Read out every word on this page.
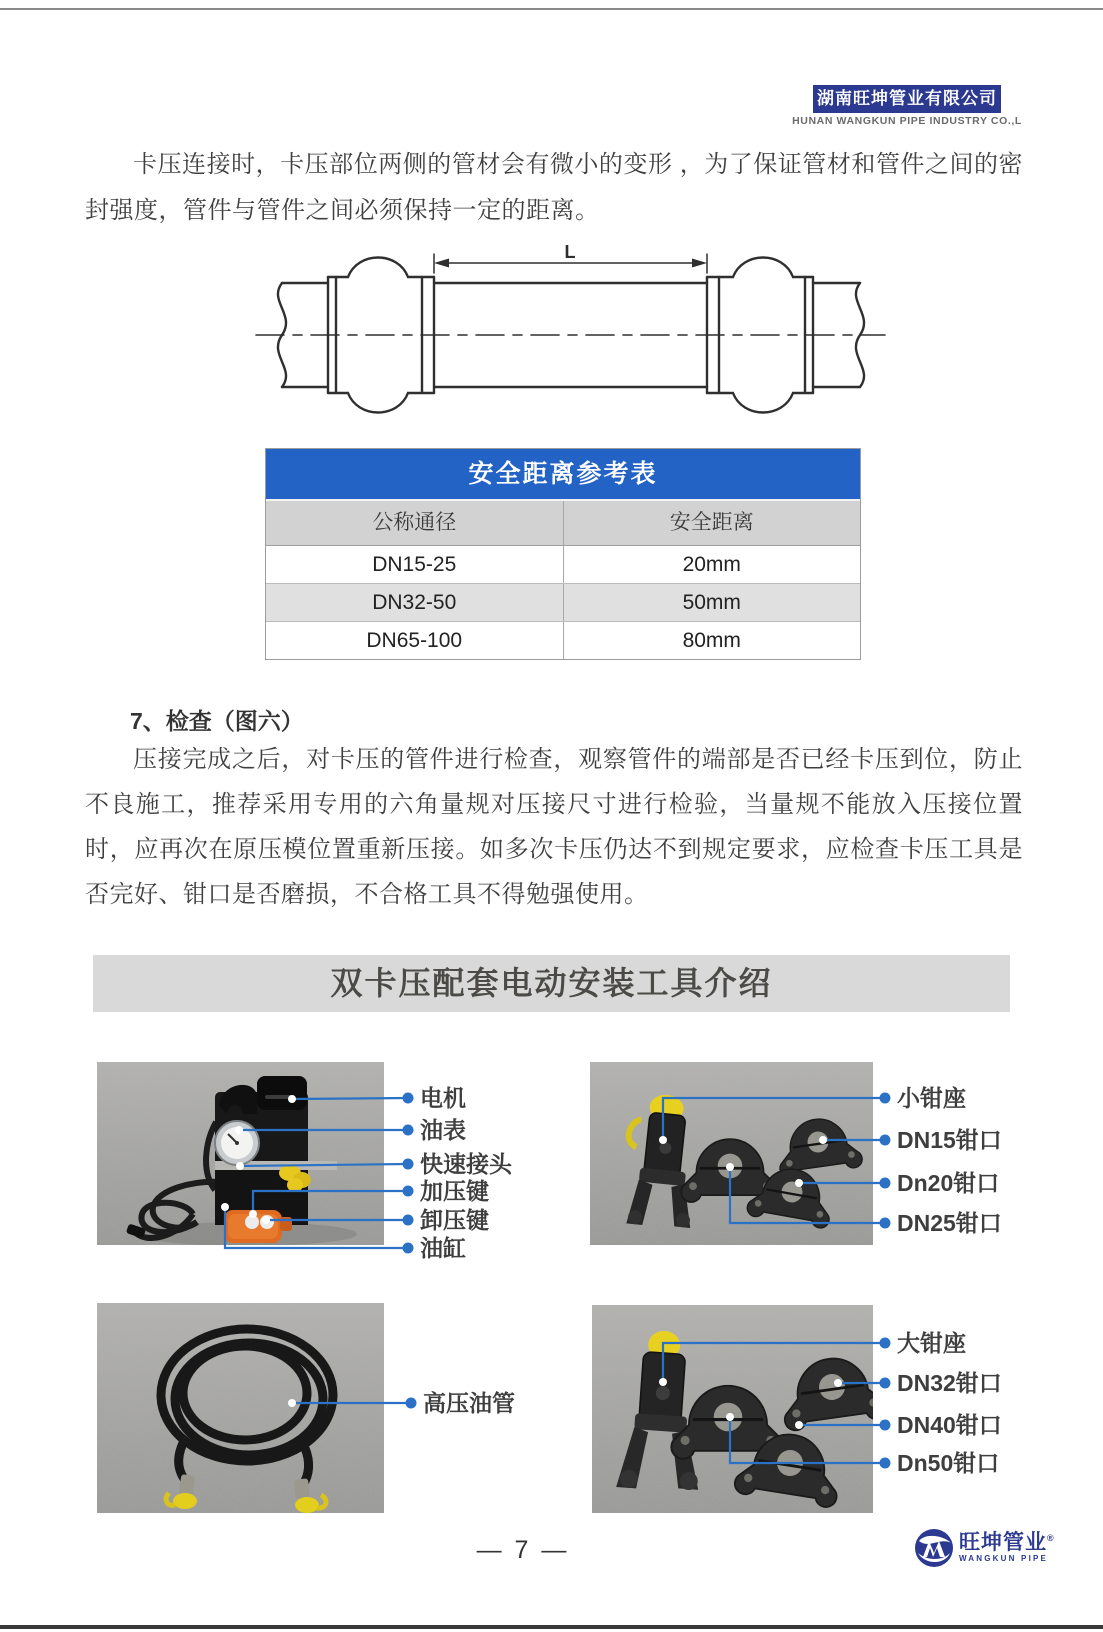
湖南旺坤管业有限公司
HUNAN WANGKUN PIPE INDUSTRY CO.,L
卡压连接时，卡压部位两侧的管材会有微小的变形 ，为了保证管材和管件之间的密封强度，管件与管件之间必须保持一定的距离。
L
安全距离参考表
公称通径	安全距离
DN15-25	20mm
DN32-50	50mm
DN65-100	80mm
7、检查（图六）
压接完成之后，对卡压的管件进行检查，观察管件的端部是否已经卡压到位，防止不良施工，推荐采用专用的六角量规对压接尺寸进行检验，当量规不能放入压接位置时，应再次在原压模位置重新压接。如多次卡压仍达不到规定要求，应检查卡压工具是否完好、钳口是否磨损，不合格工具不得勉强使用。
双卡压配套电动安装工具介绍
电机
油表
快速接头
加压键
卸压键
油缸
小钳座
DN15钳口
Dn20钳口
DN25钳口
高压油管
大钳座
DN32钳口
DN40钳口
Dn50钳口
— 7 —	旺坤管业®
WANGKUN PIPE
